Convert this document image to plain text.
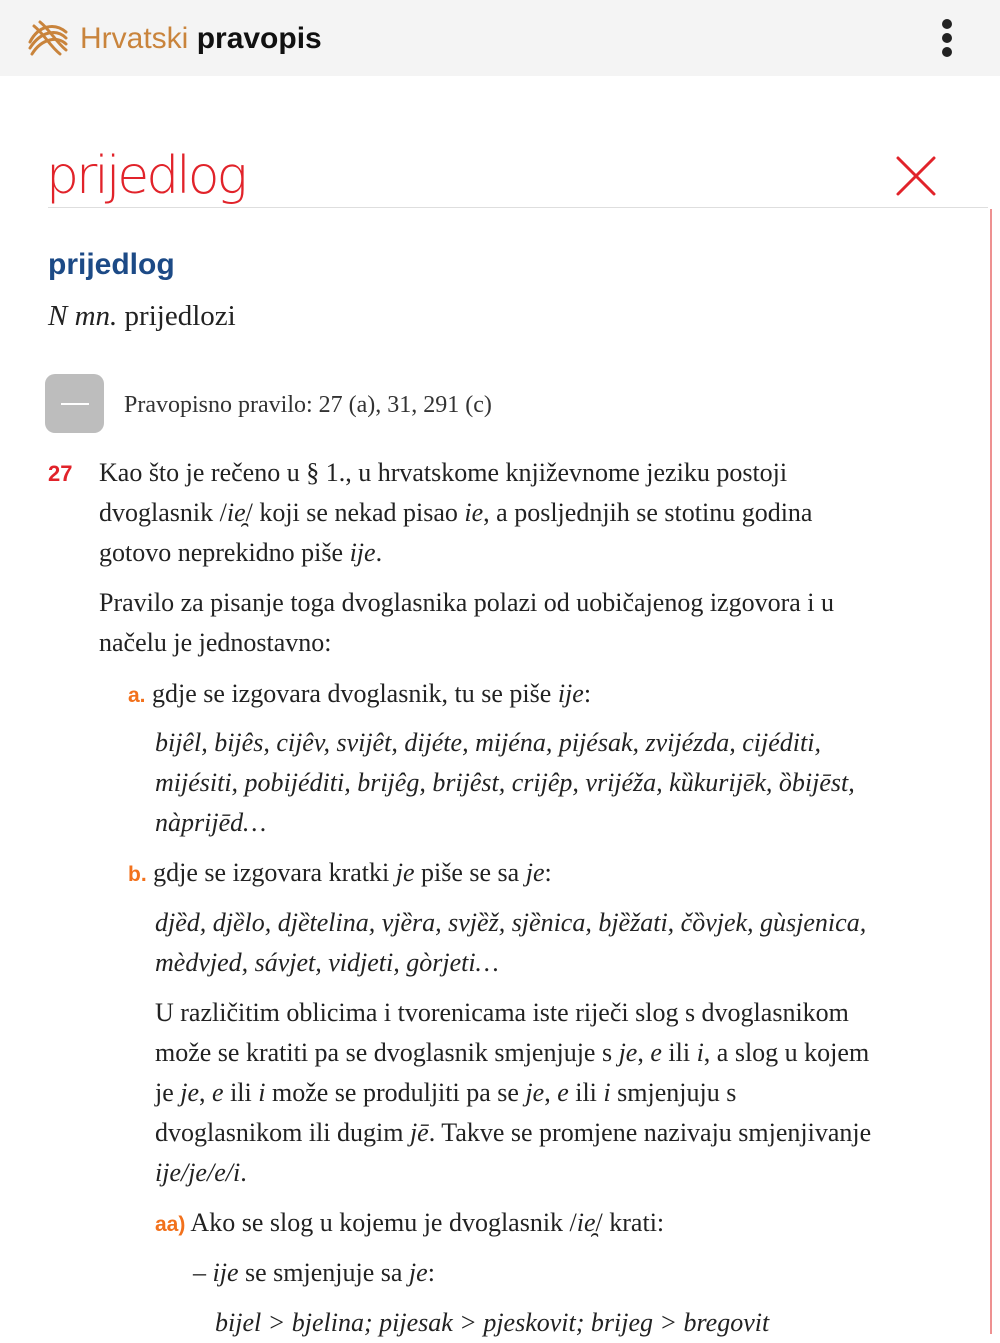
Hrvatski pravopis
prijedlog
prijedlog
N mn. prijedlozi
Pravopisno pravilo: 27 (a), 31, 291 (c)
27 Kao što je rečeno u § 1., u hrvatskome književnome jeziku postoji
dvoglasnik /ie̯/ koji se nekad pisao ie, a posljednjih se stotinu godina
gotovo neprekidno piše ije.
Pravilo za pisanje toga dvoglasnika polazi od uobičajenog izgovora i u
načelu je jednostavno:
a. gdje se izgovara dvoglasnik, tu se piše ije:
bijêl, bijês, cijêv, svijêt, dijéte, mijéna, pijésak, zvijézda, cijéditi,
mijésiti, pobijéditi, brijêg, brijêst, crijêp, vrijéža, kȕkurijēk, ȍbijēst,
nàprijēd…
b. gdje se izgovara kratki je piše se sa je:
djȅd, djȅlo, djȅtelina, vjȅra, svjȅž, sjȅnica, bjȅžati, čȍvjek, gùsjenica,
mèdvjed, sávjet, vidjeti, gòrjeti…
U različitim oblicima i tvorenicama iste riječi slog s dvoglasnikom
može se kratiti pa se dvoglasnik smjenjuje s je, e ili i, a slog u kojem
je je, e ili i može se produljiti pa se je, e ili i smjenjuju s
dvoglasnikom ili dugim jē. Takve se promjene nazivaju smjenjivanje
ije/je/e/i.
aa) Ako se slog u kojemu je dvoglasnik /ie̯/ krati:
– ije se smjenjuje sa je:
bijel > bjelina; pijesak > pjeskovit; brijeg > bregovit
